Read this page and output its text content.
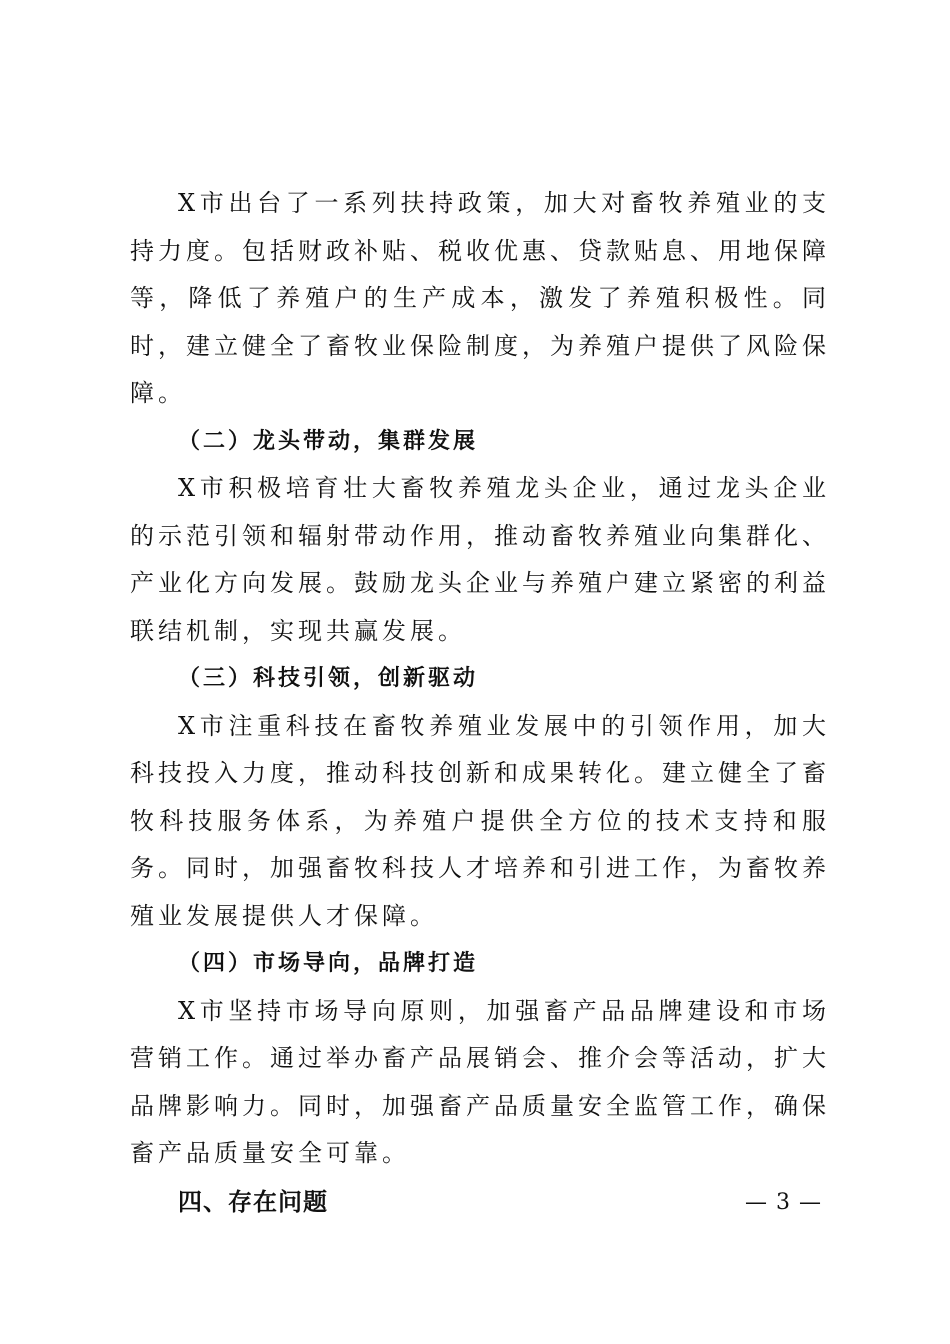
X市出台了一系列扶持政策，加大对畜牧养殖业的支持力度。包括财政补贴、税收优惠、贷款贴息、用地保障等，降低了养殖户的生产成本，激发了养殖积极性。同时，建立健全了畜牧业保险制度，为养殖户提供了风险保障。

（二）龙头带动，集群发展

X市积极培育壮大畜牧养殖龙头企业，通过龙头企业的示范引领和辐射带动作用，推动畜牧养殖业向集群化、产业化方向发展。鼓励龙头企业与养殖户建立紧密的利益联结机制，实现共赢发展。

（三）科技引领，创新驱动

X市注重科技在畜牧养殖业发展中的引领作用，加大科技投入力度，推动科技创新和成果转化。建立健全了畜牧科技服务体系，为养殖户提供全方位的技术支持和服务。同时，加强畜牧科技人才培养和引进工作，为畜牧养殖业发展提供人才保障。

（四）市场导向，品牌打造

X市坚持市场导向原则，加强畜产品品牌建设和市场营销工作。通过举办畜产品展销会、推介会等活动，扩大品牌影响力。同时，加强畜产品质量安全监管工作，确保畜产品质量安全可靠。

四、存在问题	— 3 —
